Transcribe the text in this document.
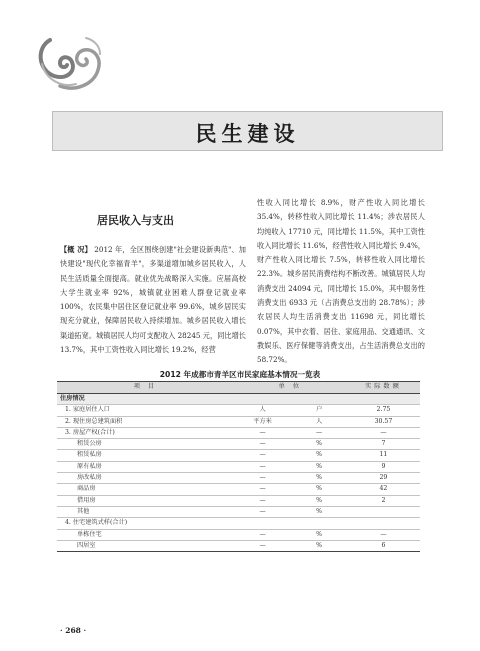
民生建设
居民收入与支出
【概 况】 2012 年，全区围绕创建"社会建设新典范"、加快建设"现代化幸福青羊"，多渠道增加城乡居民收入，人民生活质量全面提高。就业优先战略深入实施。应届高校大学生就业率 92%，城镇就业困难人群登记就业率 100%，农民集中居住区登记就业率 99.6%，城乡居民实现充分就业，保障居民收入持续增加。城乡居民收入增长渠道拓宽。城镇居民人均可支配收入 28245 元，同比增长 13.7%，其中工资性收入同比增长 19.2%，经营
性收入同比增长 8.9%，财产性收入同比增长 35.4%，转移性收入同比增长 11.4%；涉农居民人均纯收入 17710 元，同比增长 11.5%，其中工资性收入同比增长 11.6%，经营性收入同比增长 9.4%，财产性收入同比增长 7.5%，转移性收入同比增长 22.3%。城乡居民消费结构不断改善。城镇居民人均消费支出 24094 元，同比增长 15.0%，其中服务性消费支出 6933 元（占消费总支出的 28.78%）；涉农居民人均生活消费支出 11698 元，同比增长 0.07%，其中衣着、居住、家庭用品、交通通讯、文教娱乐、医疗保健等消费支出，占生活消费总支出的 58.72%。
2012 年成都市青羊区市民家庭基本情况一览表
项 目	单 位		实际数额
住房情况			
1. 家庭居住人口	人	户	2.75
2. 现住房总建筑面积	平方米	人	30.57
3. 房屋产权(合计)	—	—	—
租赁公房	—	%	7
租赁私房	—	%	11
原有私房	—	%	9
房改私房	—	%	29
商品房	—	%	42
借用房	—	%	2
其他	—	%	
4. 住宅建筑式样(合计)			
单栋住宅	—	%	—
四居室	—	%	6
· 268 ·
